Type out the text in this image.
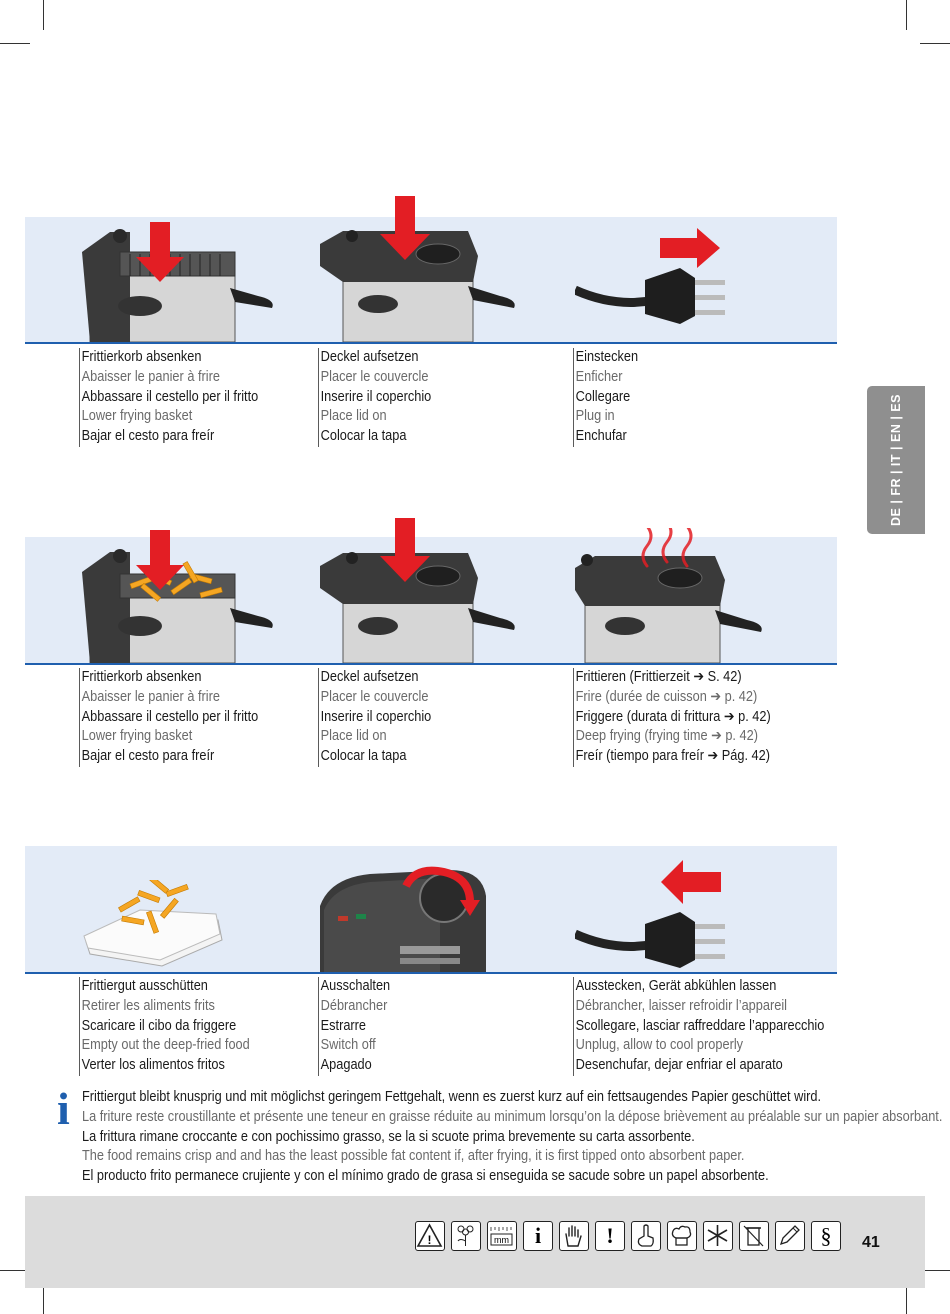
DE | FR | IT | EN | ES
Frittierkorb absenken
Abaisser le panier à frire
Abbassare il cestello per il fritto
Lower frying basket
Bajar el cesto para freír
Deckel aufsetzen
Placer le couvercle
Inserire il coperchio
Place lid on
Colocar la tapa
Einstecken
Enficher
Collegare
Plug in
Enchufar
Frittierkorb absenken
Abaisser le panier à frire
Abbassare il cestello per il fritto
Lower frying basket
Bajar el cesto para freír
Deckel aufsetzen
Placer le couvercle
Inserire il coperchio
Place lid on
Colocar la tapa
Frittieren (Frittierzeit ➔ S. 42)
Frire (durée de cuisson ➔ p. 42)
Friggere (durata di frittura ➔ p. 42)
Deep frying (frying time ➔ p. 42)
Freír (tiempo para freír ➔ Pág. 42)
Frittiergut ausschütten
Retirer les aliments frits
Scaricare il cibo da friggere
Empty out the deep-fried food
Verter los alimentos fritos
Ausschalten
Débrancher
Estrarre
Switch off
Apagado
Ausstecken, Gerät abkühlen lassen
Débrancher, laisser refroidir l’appareil
Scollegare, lasciar raffreddare l’apparecchio
Unplug, allow to cool properly
Desenchufar, dejar enfriar el aparato
i Frittiergut bleibt knusprig und mit möglichst geringem Fettgehalt, wenn es zuerst kurz auf ein fettsaugendes Papier geschüttet wird.
La friture reste croustillante et présente une teneur en graisse réduite au minimum lorsqu’on la dépose brièvement au préalable sur un papier absorbant.
La frittura rimane croccante e con pochissimo grasso, se la si scuote prima brevemente su carta assorbente.
The food remains crisp and and has the least possible fat content if, after frying, it is first tipped onto absorbent paper.
El producto frito permanece crujiente y con el mínimo grado de grasa si enseguida se sacude sobre un papel absorbente.
!	mm	i	!	§	41
